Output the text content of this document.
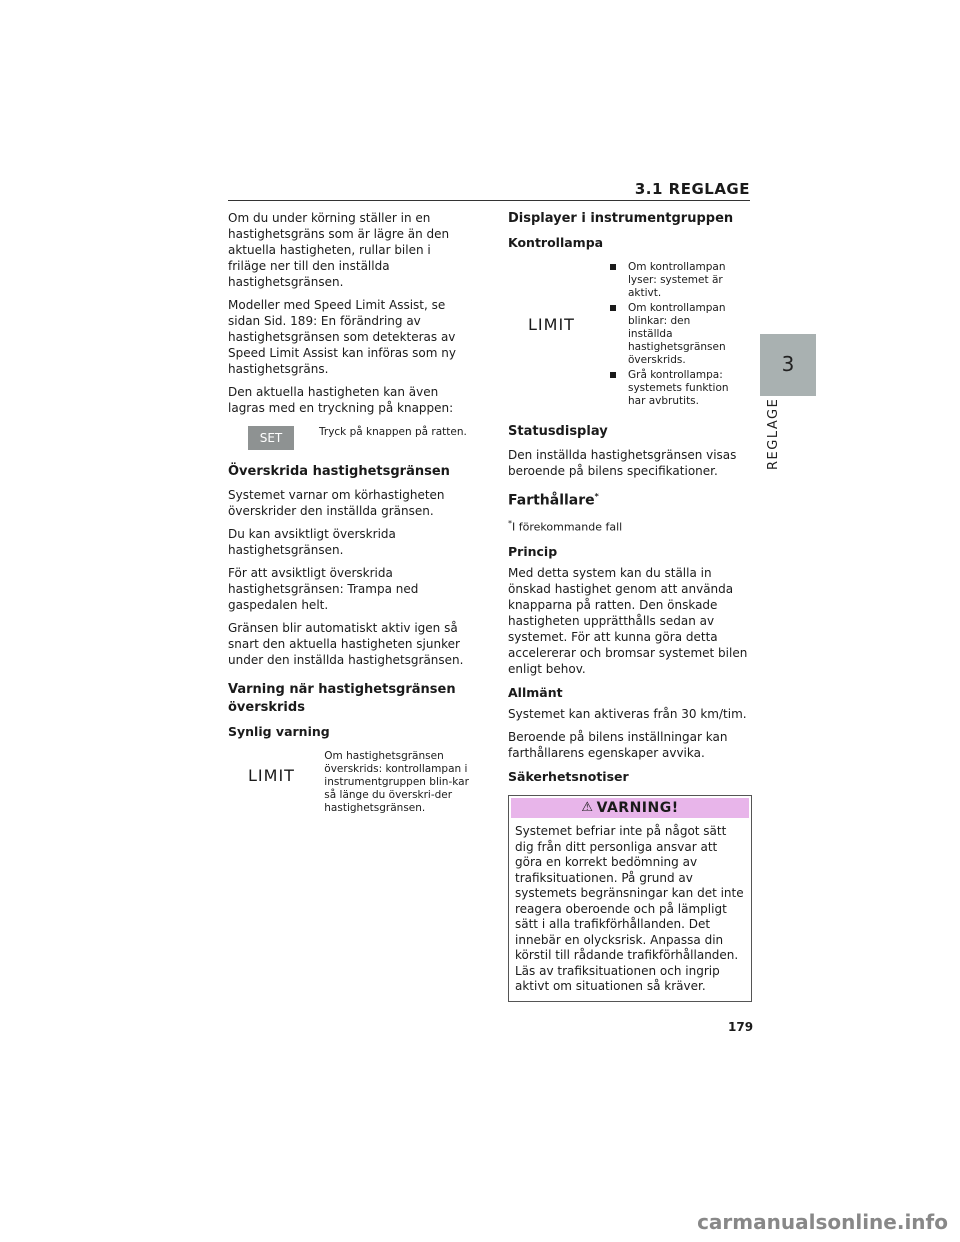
3.1 REGLAGE
3
REGLAGE

Om du under körning ställer in en hastighetsgräns som är lägre än den aktuella hastigheten, rullar bilen i friläge ner till den inställda hastighetsgränsen.

Modeller med Speed Limit Assist, se sidan Sid. 189: En förändring av hastighetsgränsen som detekteras av Speed Limit Assist kan införas som ny hastighetsgräns.

Den aktuella hastigheten kan även lagras med en tryckning på knappen:

SET	Tryck på knappen på ratten.
Överskrida hastighetsgränsen

Systemet varnar om körhastigheten överskrider den inställda gränsen.

Du kan avsiktligt överskrida hastighetsgränsen.

För att avsiktligt överskrida hastighetsgränsen: Trampa ned gaspedalen helt.

Gränsen blir automatiskt aktiv igen så snart den aktuella hastigheten sjunker under den inställda hastighetsgränsen.

Varning när hastighetsgränsen överskrids
Synlig varning
LIMIT
Om hastighetsgränsen överskrids: kontrollampan i instrumentgruppen blin-kar så länge du överskri-der hastighetsgränsen.
Displayer i instrumentgruppen
Kontrollampa
LIMIT
Om kontrollampan lyser: systemet är aktivt.
Om kontrollampan blinkar: den inställda hastighetsgränsen överskrids.
Grå kontrollampa: systemets funktion har avbrutits.
Statusdisplay

Den inställda hastighetsgränsen visas beroende på bilens specifikationer.

Farthållare*
*I förekommande fall
Princip

Med detta system kan du ställa in önskad hastighet genom att använda knapparna på ratten. Den önskade hastigheten upprätthålls sedan av systemet. För att kunna göra detta accelererar och bromsar systemet bilen enligt behov.

Allmänt

Systemet kan aktiveras från 30 km/tim.

Beroende på bilens inställningar kan farthållarens egenskaper avvika.

Säkerhetsnotiser
⚠ VARNING!
Systemet befriar inte på något sätt dig från ditt personliga ansvar att göra en korrekt bedömning av trafiksituationen. På grund av systemets begränsningar kan det inte reagera oberoende och på lämpligt sätt i alla trafikförhållanden. Det innebär en olycksrisk. Anpassa din körstil till rådande trafikförhållanden. Läs av trafiksituationen och ingrip aktivt om situationen så kräver.
179
carmanualsonline.info
